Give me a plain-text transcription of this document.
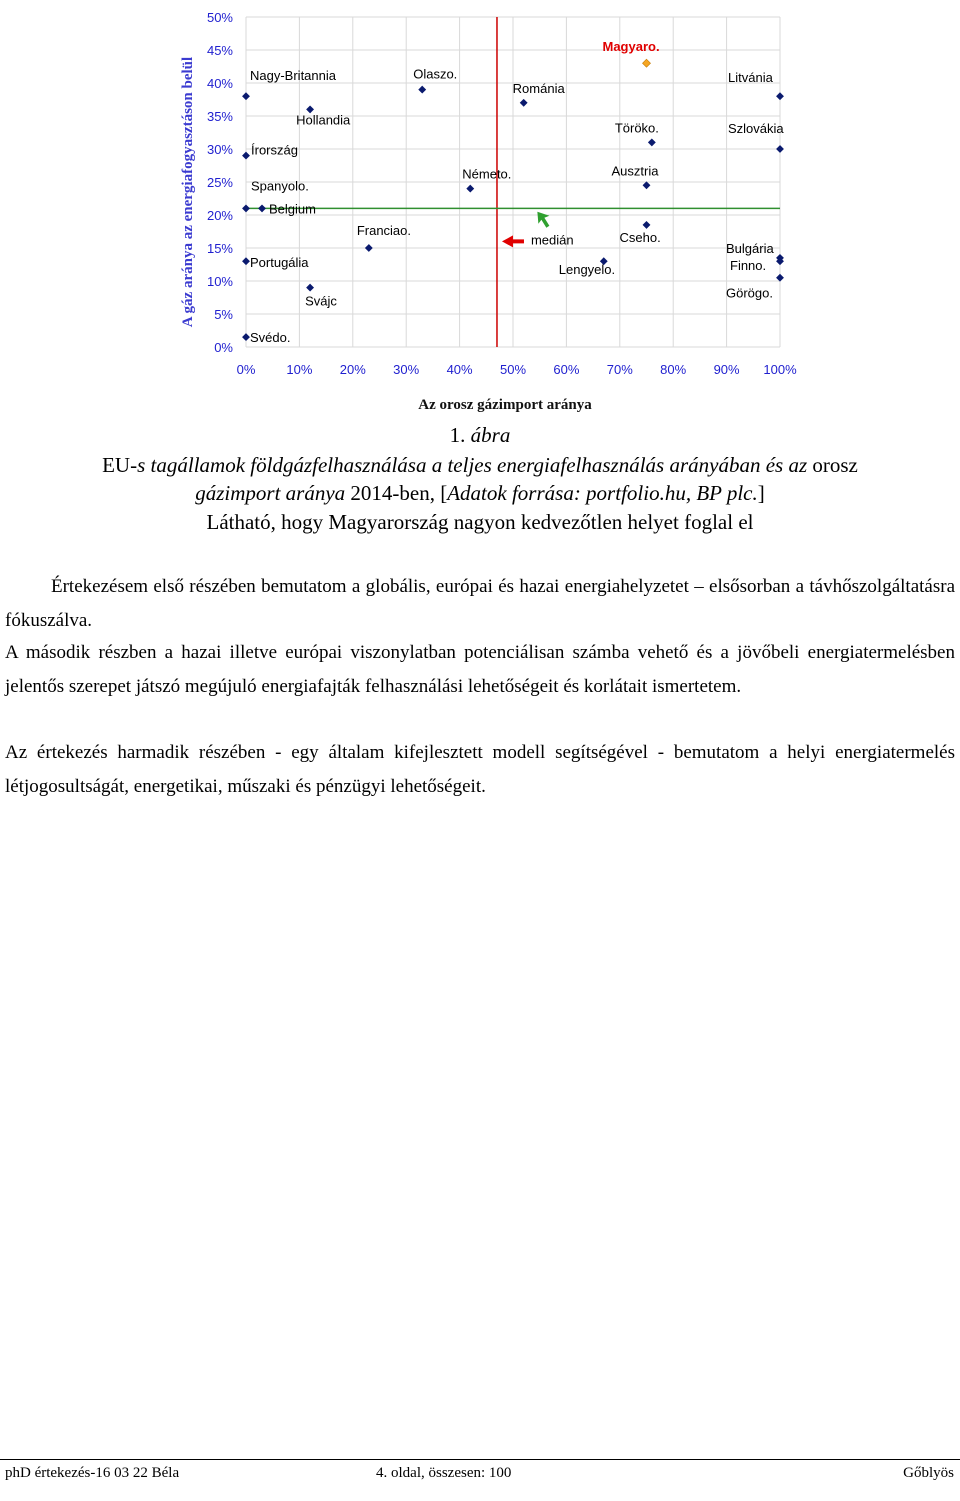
0% 10% 20% 30% 40% 50% 60% 70% 80% 90% 100%
0%
5%
10%
15%
20%
25%
30%
35%
40%
45%
50%
Magyaro.
Nagy-Britannia	Olaszo.
Románia
Litvánia
Hollandia
Törökо.	Szlovákia
Írország
Németo.	Ausztria
Spanyolo.
Belgium
Franciao.	Cseho.
Bulgária
Finno.
Portugália	Lengyelo.
Görögo.
Svájc
Svédo.
Az orosz gázimport aránya
A gáz aránya az energiafogyasztáson belül	medián
1. ábra
EU-s tagállamok földgázfelhasználása a teljes energiafelhasználás arányában és az orosz
gázimport aránya 2014-ben, [Adatok forrása: portfolio.hu, BP plc.]
Látható, hogy Magyarország nagyon kedvezőtlen helyet foglal el
Értekezésem első részében bemutatom a globális, európai és hazai energiahelyzetet – elsősorban a távhőszolgáltatásra fókuszálva.
A második részben a hazai illetve európai viszonylatban potenciálisan számba vehető és a jövőbeli energiatermelésben jelentős szerepet játszó megújuló energiafajták felhasználási lehetőségeit és korlátait ismertetem.
Az értekezés harmadik részében - egy általam kifejlesztett modell segítségével - bemutatom a helyi energiatermelés létjogosultságát, energetikai, műszaki és pénzügyi lehetőségeit.
phD értekezés-16 03 22 Béla	4. oldal, összesen: 100	Gőblyös
